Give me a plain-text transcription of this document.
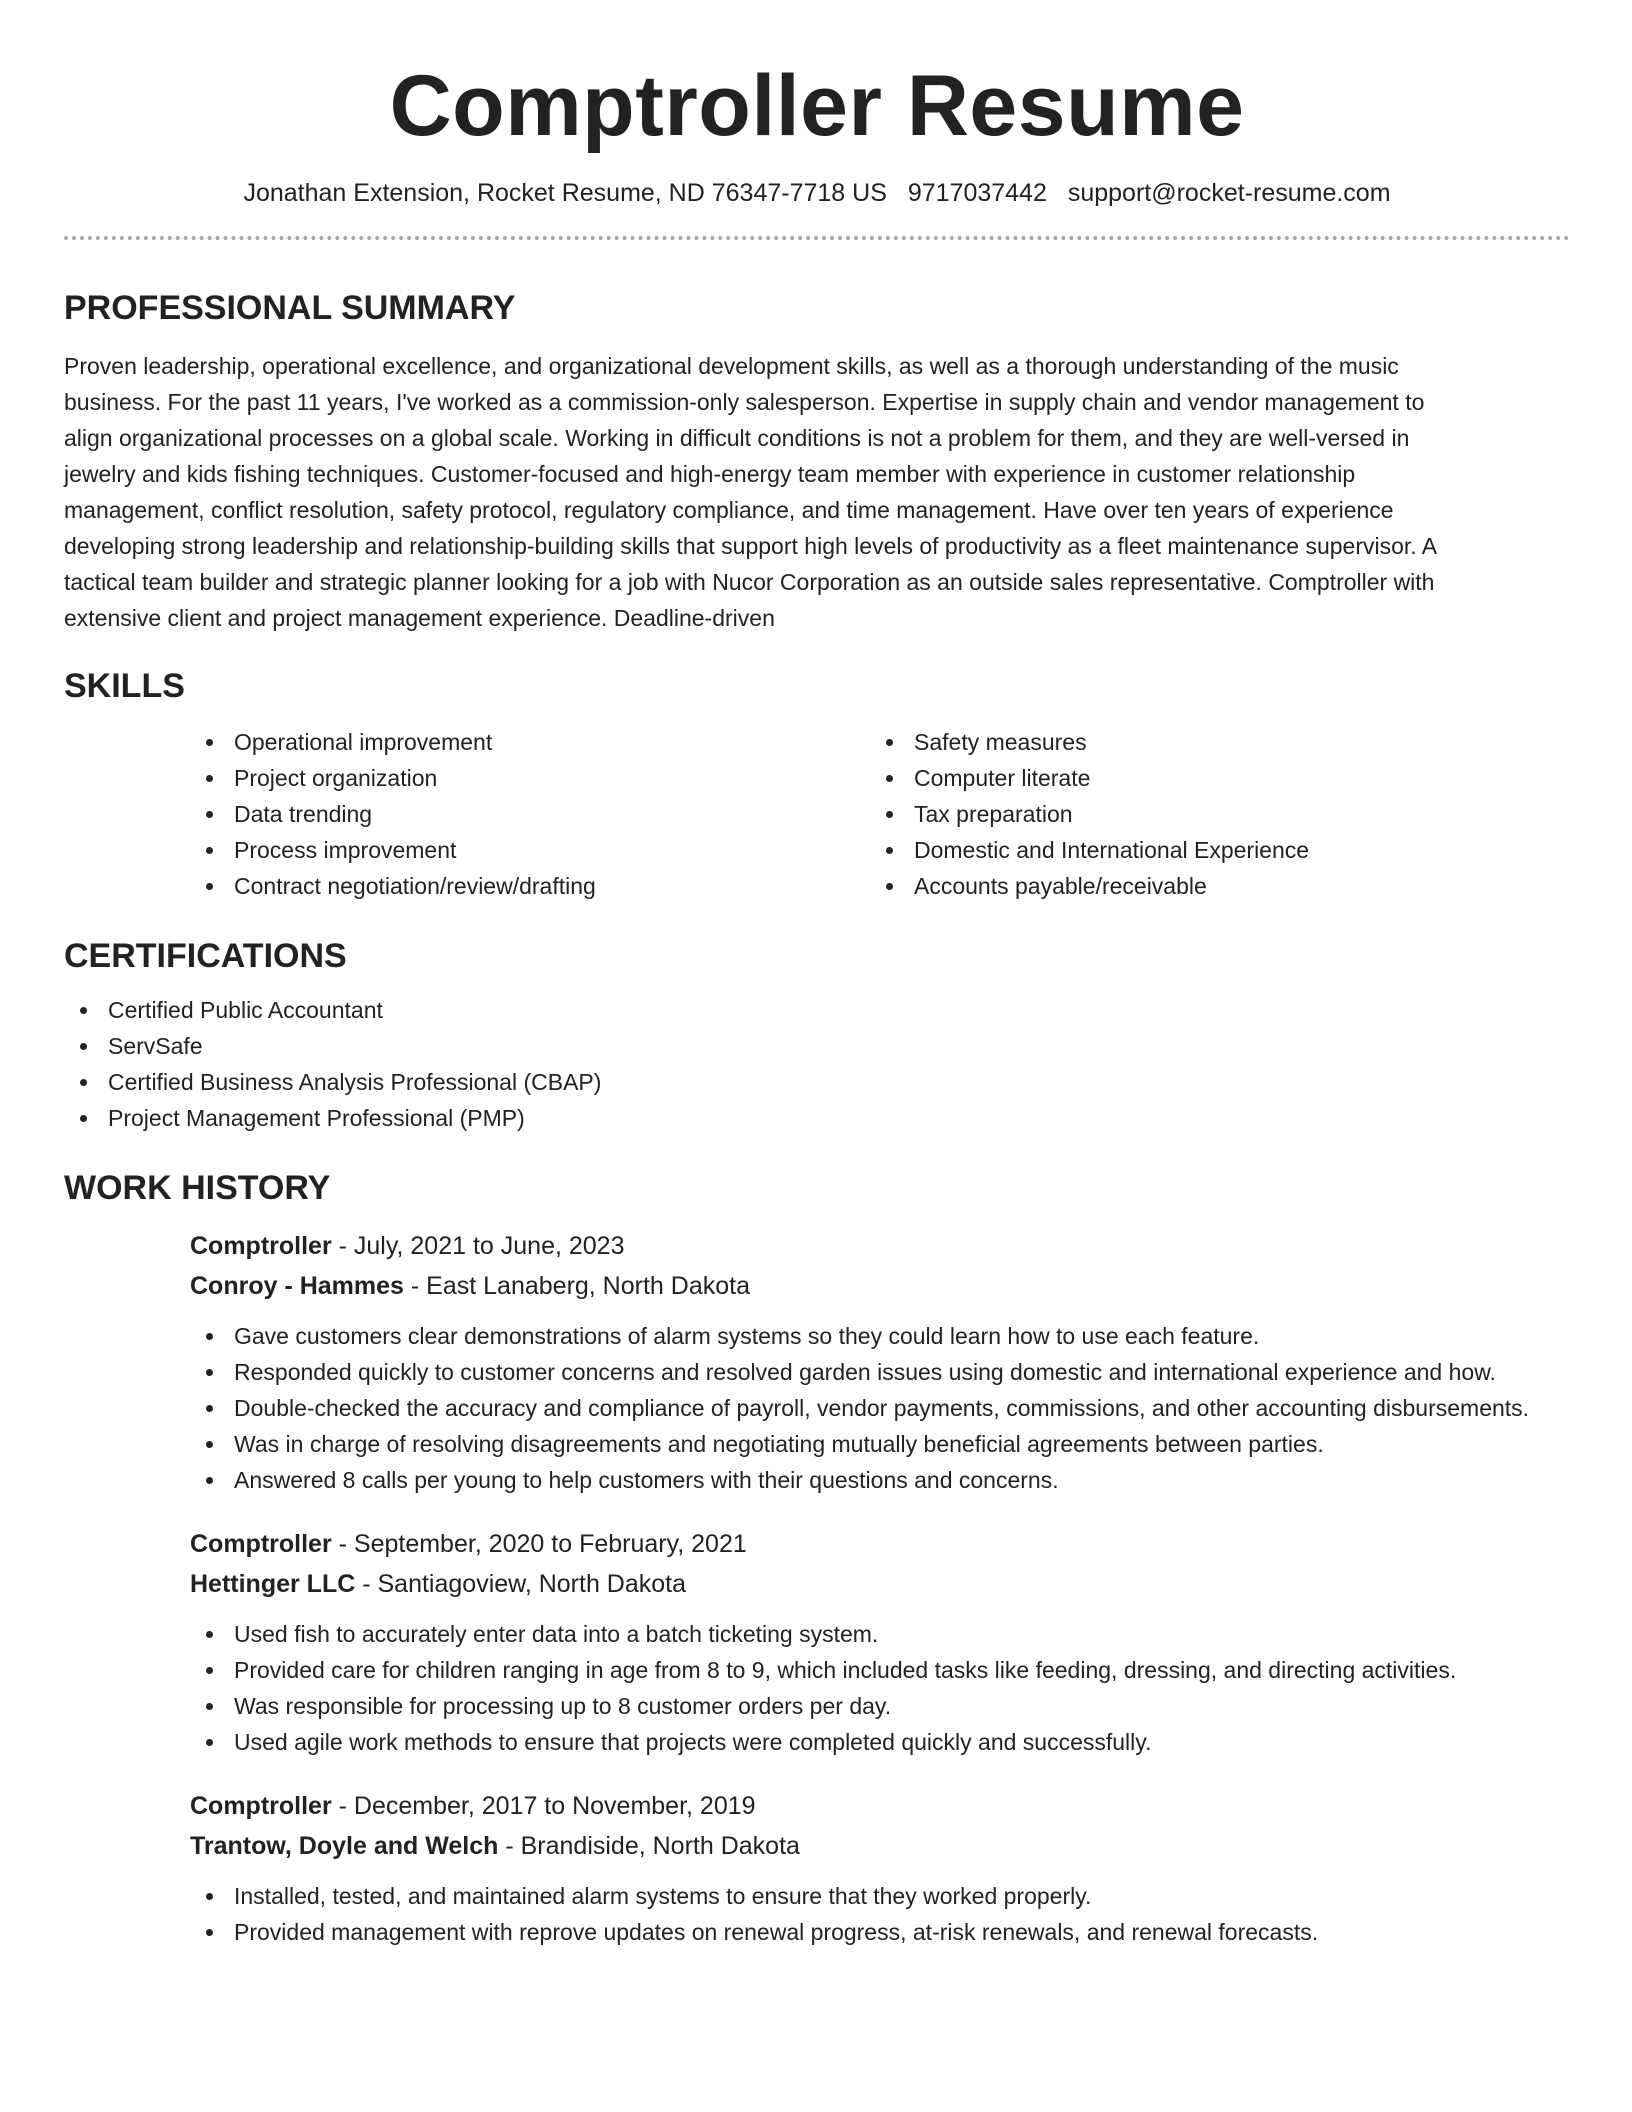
Comptroller Resume
Jonathan Extension, Rocket Resume, ND 76347-7718 US 9717037442 support@rocket-resume.com
PROFESSIONAL SUMMARY

Proven leadership, operational excellence, and organizational development skills, as well as a thorough understanding of the music business. For the past 11 years, I've worked as a commission-only salesperson. Expertise in supply chain and vendor management to align organizational processes on a global scale. Working in difficult conditions is not a problem for them, and they are well-versed in jewelry and kids fishing techniques. Customer-focused and high-energy team member with experience in customer relationship management, conflict resolution, safety protocol, regulatory compliance, and time management. Have over ten years of experience developing strong leadership and relationship-building skills that support high levels of productivity as a fleet maintenance supervisor. A tactical team builder and strategic planner looking for a job with Nucor Corporation as an outside sales representative. Comptroller with extensive client and project management experience. Deadline-driven

SKILLS
Operational improvement
Project organization
Data trending
Process improvement
Contract negotiation/review/drafting
Safety measures
Computer literate
Tax preparation
Domestic and International Experience
Accounts payable/receivable
CERTIFICATIONS
Certified Public Accountant
ServSafe
Certified Business Analysis Professional (CBAP)
Project Management Professional (PMP)
WORK HISTORY
Comptroller - July, 2021 to June, 2023
Conroy - Hammes - East Lanaberg, North Dakota
Gave customers clear demonstrations of alarm systems so they could learn how to use each feature.
Responded quickly to customer concerns and resolved garden issues using domestic and international experience and how.
Double-checked the accuracy and compliance of payroll, vendor payments, commissions, and other accounting disbursements.
Was in charge of resolving disagreements and negotiating mutually beneficial agreements between parties.
Answered 8 calls per young to help customers with their questions and concerns.
Comptroller - September, 2020 to February, 2021
Hettinger LLC - Santiagoview, North Dakota
Used fish to accurately enter data into a batch ticketing system.
Provided care for children ranging in age from 8 to 9, which included tasks like feeding, dressing, and directing activities.
Was responsible for processing up to 8 customer orders per day.
Used agile work methods to ensure that projects were completed quickly and successfully.
Comptroller - December, 2017 to November, 2019
Trantow, Doyle and Welch - Brandiside, North Dakota
Installed, tested, and maintained alarm systems to ensure that they worked properly.
Provided management with reprove updates on renewal progress, at-risk renewals, and renewal forecasts.
